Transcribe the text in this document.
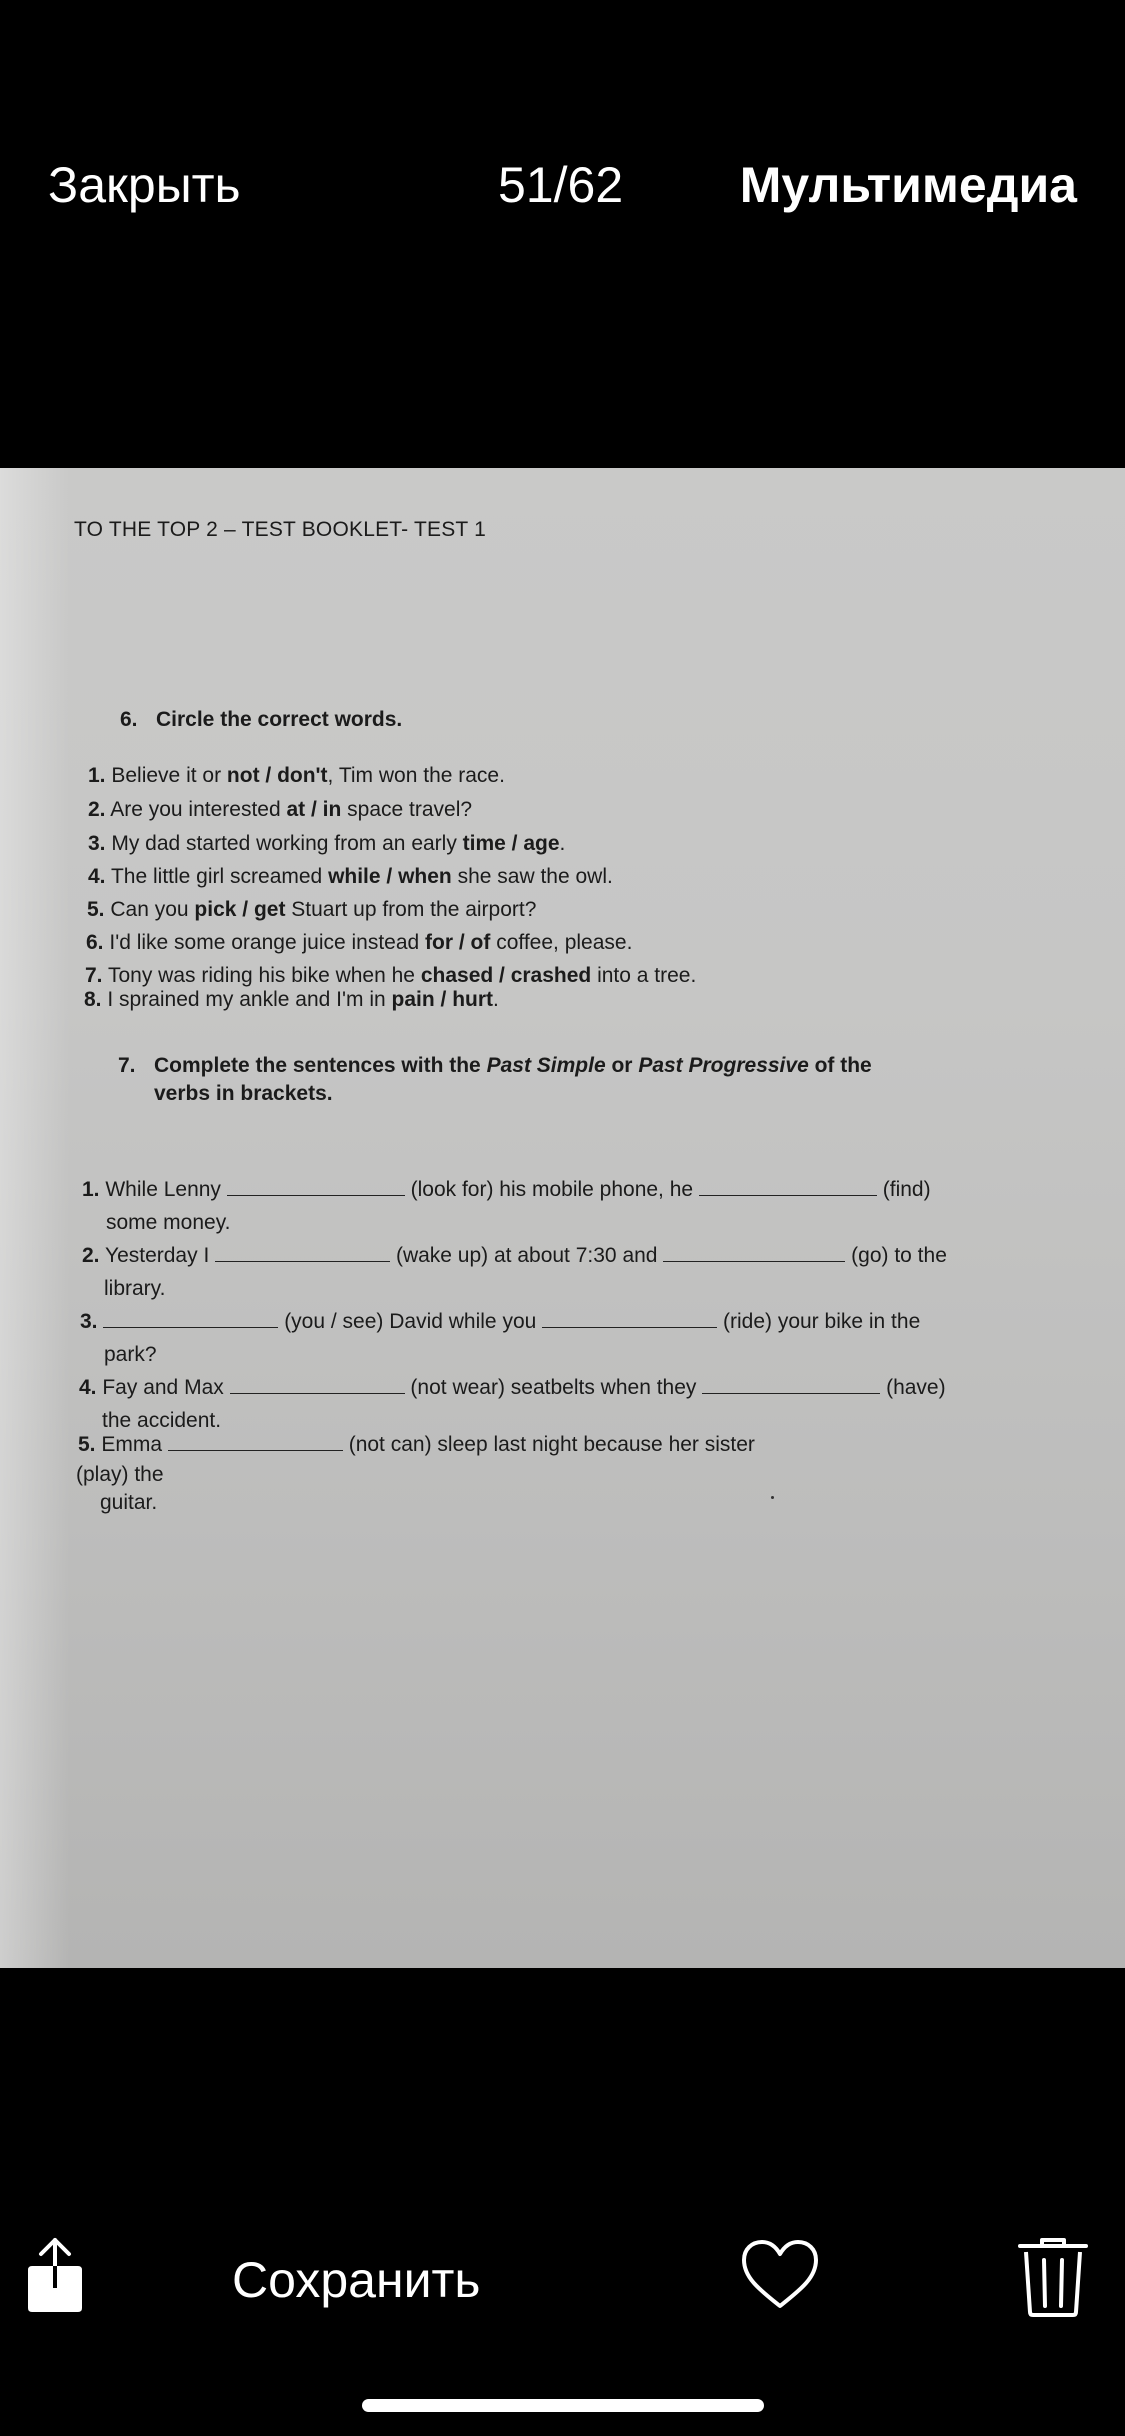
Закрыть	51/62 Мультимедиа
TO THE TOP 2 – TEST BOOKLET- TEST 1
6. Circle the correct words.
1. Believe it or not / don't, Tim won the race.
2. Are you interested at / in space travel?
3. My dad started working from an early time / age.
4. The little girl screamed while / when she saw the owl.
5. Can you pick / get Stuart up from the airport?
6. I'd like some orange juice instead for / of coffee, please.
7. Tony was riding his bike when he chased / crashed into a tree.
8. I sprained my ankle and I'm in pain / hurt.
7. Complete the sentences with the Past Simple or Past Progressive of the
verbs in brackets.
1. While Lenny	(look for) his mobile phone, he	(find)
some money.
2. Yesterday I	(wake up) at about 7:30 and	(go) to the
library.
3.	(you / see) David while you	(ride) your bike in the
park?
4. Fay and Max	(not wear) seatbelts when they	(have)
the accident.
5. Emma	(not can) sleep last night because her sister
(play) the
guitar.
Сохранить
